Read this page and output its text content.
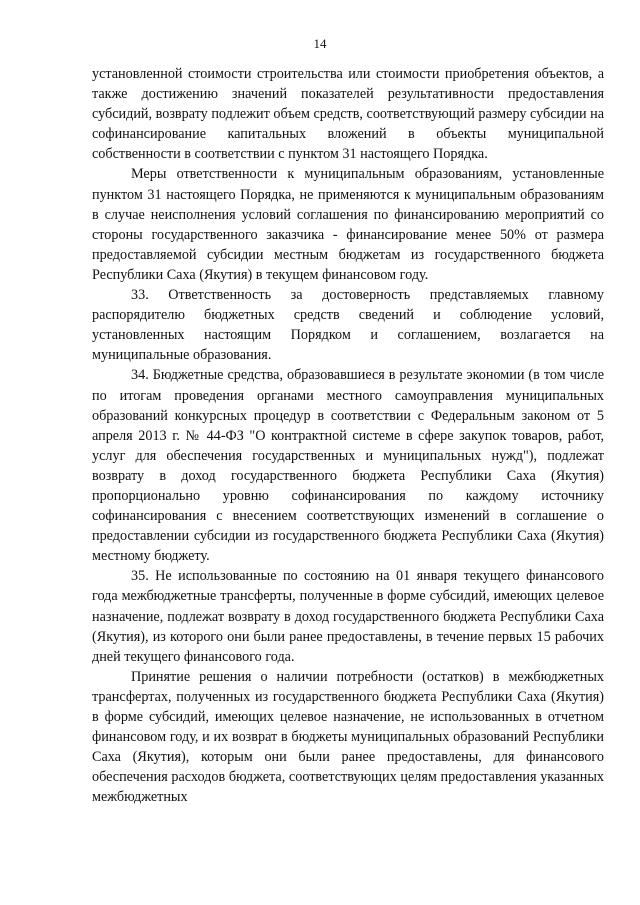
14

установленной стоимости строительства или стоимости приобретения объектов, а также достижению значений показателей результативности предоставления субсидий, возврату подлежит объем средств, соответствующий размеру субсидии на софинансирование капитальных вложений в объекты муниципальной собственности в соответствии с пунктом 31 настоящего Порядка.

Меры ответственности к муниципальным образованиям, установленные пунктом 31 настоящего Порядка, не применяются к муниципальным образованиям в случае неисполнения условий соглашения по финансированию мероприятий со стороны государственного заказчика - финансирование менее 50% от размера предоставляемой субсидии местным бюджетам из государственного бюджета Республики Саха (Якутия) в текущем финансовом году.

33. Ответственность за достоверность представляемых главному распорядителю бюджетных средств сведений и соблюдение условий, установленных настоящим Порядком и соглашением, возлагается на муниципальные образования.

34. Бюджетные средства, образовавшиеся в результате экономии (в том числе по итогам проведения органами местного самоуправления муниципальных образований конкурсных процедур в соответствии с Федеральным законом от 5 апреля 2013 г. № 44-ФЗ "О контрактной системе в сфере закупок товаров, работ, услуг для обеспечения государственных и муниципальных нужд"), подлежат возврату в доход государственного бюджета Республики Саха (Якутия) пропорционально уровню софинансирования по каждому источнику софинансирования с внесением соответствующих изменений в соглашение о предоставлении субсидии из государственного бюджета Республики Саха (Якутия) местному бюджету.

35. Не использованные по состоянию на 01 января текущего финансового года межбюджетные трансферты, полученные в форме субсидий, имеющих целевое назначение, подлежат возврату в доход государственного бюджета Республики Саха (Якутия), из которого они были ранее предоставлены, в течение первых 15 рабочих дней текущего финансового года.

Принятие решения о наличии потребности (остатков) в межбюджетных трансфертах, полученных из государственного бюджета Республики Саха (Якутия) в форме субсидий, имеющих целевое назначение, не использованных в отчетном финансовом году, и их возврат в бюджеты муниципальных образований Республики Саха (Якутия), которым они были ранее предоставлены, для финансового обеспечения расходов бюджета, соответствующих целям предоставления указанных межбюджетных
